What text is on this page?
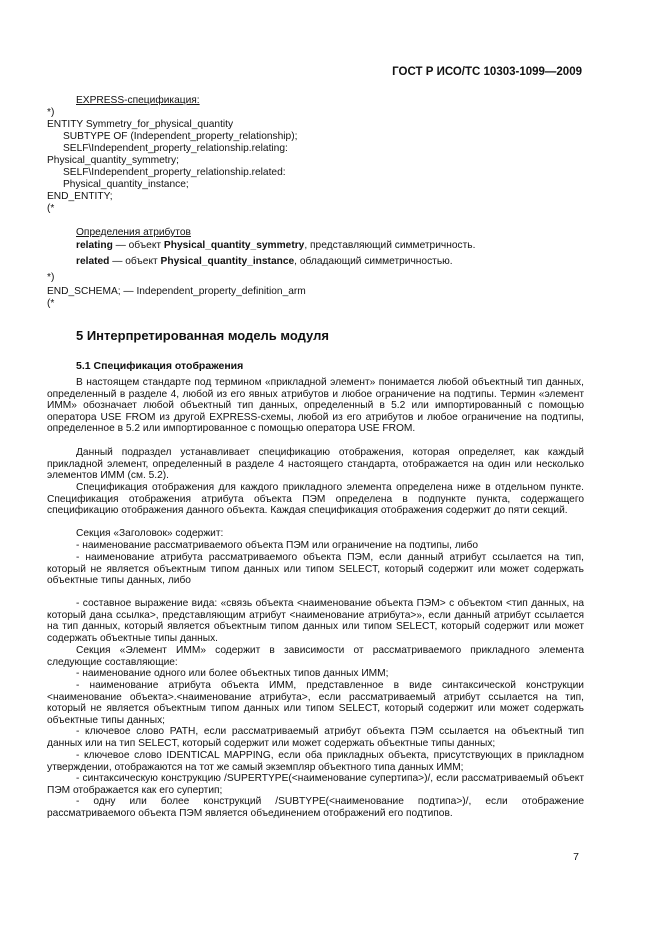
ГОСТ Р ИСО/ТС 10303-1099—2009
EXPRESS-спецификация:
*)
ENTITY Symmetry_for_physical_quantity
SUBTYPE OF (Independent_property_relationship);
SELF\Independent_property_relationship.relating:
Physical_quantity_symmetry;
SELF\Independent_property_relationship.related:
Physical_quantity_instance;
END_ENTITY;
(*
Определения атрибутов
relating — объект Physical_quantity_symmetry, представляющий симметричность.
related — объект Physical_quantity_instance, обладающий симметричностью.
*)
END_SCHEMA; — Independent_property_definition_arm
(*
5 Интерпретированная модель модуля
5.1 Спецификация отображения

В настоящем стандарте под термином «прикладной элемент» понимается любой объектный тип данных, определенный в разделе 4, любой из его явных атрибутов и любое ограничение на подтипы. Термин «элемент ИММ» обозначает любой объектный тип данных, определенный в 5.2 или импортированный с помощью оператора USE FROM из другой EXPRESS-схемы, любой из его атрибутов и любое ограничение на подтипы, определенное в 5.2 или импортированное с помощью оператора USE FROM.

Данный подраздел устанавливает спецификацию отображения, которая определяет, как каждый прикладной элемент, определенный в разделе 4 настоящего стандарта, отображается на один или несколько элементов ИММ (см. 5.2).

Спецификация отображения для каждого прикладного элемента определена ниже в отдельном пункте. Спецификация отображения атрибута объекта ПЭМ определена в подпункте пункта, содержащего спецификацию отображения данного объекта. Каждая спецификация отображения содержит до пяти секций.

Секция «Заголовок» содержит:

- наименование рассматриваемого объекта ПЭМ или ограничение на подтипы, либо

- наименование атрибута рассматриваемого объекта ПЭМ, если данный атрибут ссылается на тип, который не является объектным типом данных или типом SELECT, который содержит или может содержать объектные типы данных, либо

- составное выражение вида: «связь объекта <наименование объекта ПЭМ> с объектом <тип данных, на который дана ссылка>, представляющим атрибут <наименование атрибута>», если данный атрибут ссылается на тип данных, который является объектным типом данных или типом SELECT, который содержит или может содержать объектные типы данных.

Секция «Элемент ИММ» содержит в зависимости от рассматриваемого прикладного элемента следующие составляющие:

- наименование одного или более объектных типов данных ИММ;

- наименование атрибута объекта ИММ, представленное в виде синтаксической конструкции <наименование объекта>.<наименование атрибута>, если рассматриваемый атрибут ссылается на тип, который не является объектным типом данных или типом SELECT, который содержит или может содержать объектные типы данных;

- ключевое слово PATH, если рассматриваемый атрибут объекта ПЭМ ссылается на объектный тип данных или на тип SELECT, который содержит или может содержать объектные типы данных;

- ключевое слово IDENTICAL MAPPING, если оба прикладных объекта, присутствующих в прикладном утверждении, отображаются на тот же самый экземпляр объектного типа данных ИММ;

- синтаксическую конструкцию /SUPERTYPE(<наименование супертипа>)/, если рассматриваемый объект ПЭМ отображается как его супертип;

- одну или более конструкций /SUBTYPE(<наименование подтипа>)/, если отображение рассматриваемого объекта ПЭМ является объединением отображений его подтипов.

7
